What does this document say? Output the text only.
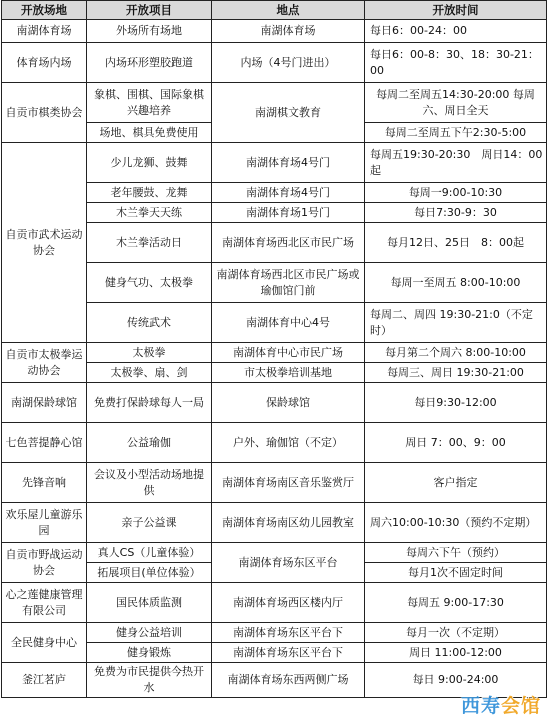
开放场地	开放项目	地点	开放时间
南湖体育场	外场所有场地	南湖体育场	每日6：00-24：00
体育场内场	内场环形塑胶跑道	内场（4号门进出）	每日6：00-8：30、18：30-21：00
自贡市棋类协会	象棋、围棋、国际象棋兴趣培养	南湖棋文教育	每周二至周五14:30-20:00 每周六、周日全天
	场地、棋具免费使用		每周二至周五下午2:30-5:00
自贡市武术运动协会	少儿龙狮、鼓舞	南湖体育场4号门	每周五19:30-20:30　周日14：00起
	老年腰鼓、龙舞	南湖体育场4号门	每周一9:00-10:30
	木兰拳天天练	南湖体育场1号门	每日7:30-9：30
	木兰拳活动日	南湖体育场西北区市民广场	每月12日、25日　8：00起
	健身气功、太极拳	南湖体育场西北区市民广场或瑜伽馆门前	每周一至周五 8:00-10:00
	传统武术	南湖体育中心4号	每周二、周四 19:30-21:0（不定时）
自贡市太极拳运动协会	太极拳	南湖体育中心市民广场	每月第二个周六 8:00-10:00
	太极拳、扇、剑	市太极拳培训基地	每周三、周日 19:30-21:00
南湖保龄球馆	免费打保龄球每人一局	保龄球馆	每日9:30-12:00
七色菩提静心馆	公益瑜伽	户外、瑜伽馆（不定）	周日 7：00、9：00
先锋音响	会议及小型活动场地提供	南湖体育场南区音乐鉴赏厅	客户指定
欢乐屋儿童游乐园	亲子公益课	南湖体育场南区幼儿园教室	周六10:00-10:30（预约不定期）
自贡市野战运动协会	真人CS（儿童体验）	南湖体育场东区平台	每周六下午（预约）
	拓展项目(单位体验）		每月1次不固定时间
心之莲健康管理有限公司	国民体质监测	南湖体育场西区楼内厅	每周五 9:00-17:30
全民健身中心	健身公益培训	南湖体育场东区平台下	每月一次（不定期）
	健身锻炼	南湖体育场东区平台下	周日 11:00-12:00
釜江茗庐	免费为市民提供今热开水	南湖体育场东西两侧广场	每日 9:00-24:00
西寿会馆
